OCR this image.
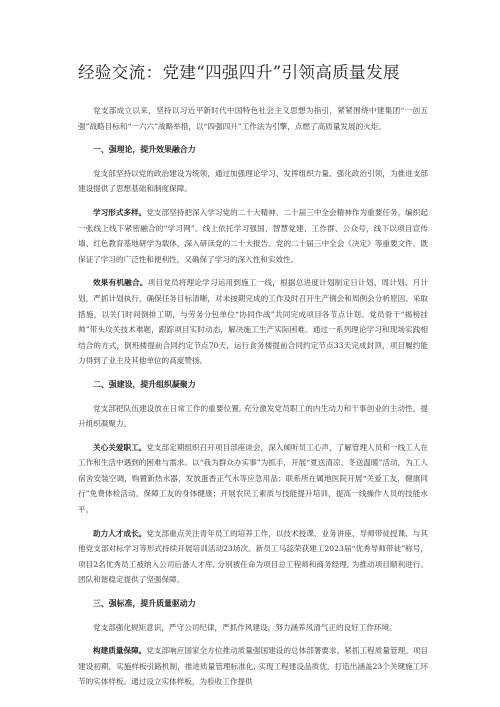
经验交流：党建“四强四升”引领高质量发展

党支部成立以来，坚持以习近平新时代中国特色社会主义思想为指引，紧紧围绕中建集团“一创五强”战略目标和“一六六”战略举措，以“四强四升”工作法为引擎，点燃了高质量发展的火炬。

一、强理论，提升效果融合力

党支部坚持以党的政治建设为统领，通过加强理论学习、发挥组织力量、强化政治引领，为推进支部建设提供了思想基础和制度保障。

学习形式多样。党支部坚持把深入学习党的二十大精神、二十届三中全会精神作为重要任务，编织起一张线上线下紧密融合的“学习网”。线上依托学习强国、智慧党建、工作群、公众号，线下以项目宣传墙、红色教育基地研学为载体，深入研读党的二十大报告、党的二十届三中全会《决定》等重要文件，既保证了学习的广泛性和便利性，又确保了学习的深入性和实效性。

效果有机融合。项目党员将理论学习运用到施工一线，根据总进度计划制定日计划、周计划、月计划，严抓计划执行，确保任务目标清晰，对未按期完成的工作及时召开生产例会和周例会分析原因、采取措施，以关门时间倒排工期，与劳务分包单位“协同作战”共同完成项目各节点计划。党员骨干“揭榜挂帅”带头攻关技术难题，跟踪项目实时动态，解决施工生产实际困难。通过一系列理论学习和现场实践相结合的方式，倒班楼提前合同约定节点70天、运行食务楼提前合同约定节点33天完成封顶，项目履约能力得到了业主及其他单位的高度赞扬。

二、强建设，提升组织凝聚力

党支部把队伍建设放在日常工作的重要位置, 充分激发党员职工的内生动力和干事创业的主动性，提升组织凝聚力。

关心关爱职工。党支部定期组织召开项目部座谈会，深入倾听员工心声，了解管理人员和一线工人在工作和生活中遇到的困难与需求。以“我为群众办实事”为抓手，开展“夏送清凉、冬送温暖”活动，为工人宿舍安装空调，购置新热水器，发放蛋香正气水等应急用品；联系所在属地医院开展“关爱工友，健康同行”免费体检活动，保障工友的身体健康；开展农民工素质与技能提升培训，提高一线操作人员的技能水平。

助力人才成长。党支部重点关注青年员工的培养工作，以技术授课、业务讲座、导师带徒授课、与其他党支部对标学习等形式持续开展培训活动23场次。新员工马蕊荣获建工2023届“优秀导师带徒”称号，项目2名优秀员工被纳入公司后备人才库, 分别被任命为项目总工程师和商务经理, 为推动项目顺利进行、团队和谐稳定提供了坚强保障。

三、强标准，提升质量驱动力

党支部强化规矩意识，严守公司纪律，严抓作风建设，努力涵养风清气正的良好工作环境。

构建质量保障。党支部响应国家全方位推动质量强国建设的总体部署要求，紧抓工程质量管理。项目建设初期，实施样板引路机制，推进质量管理标准化, 实现工程建设品质优，打造出涵盖23个关键施工环节的实体样板。通过设立实体样板，为验收工作提供
